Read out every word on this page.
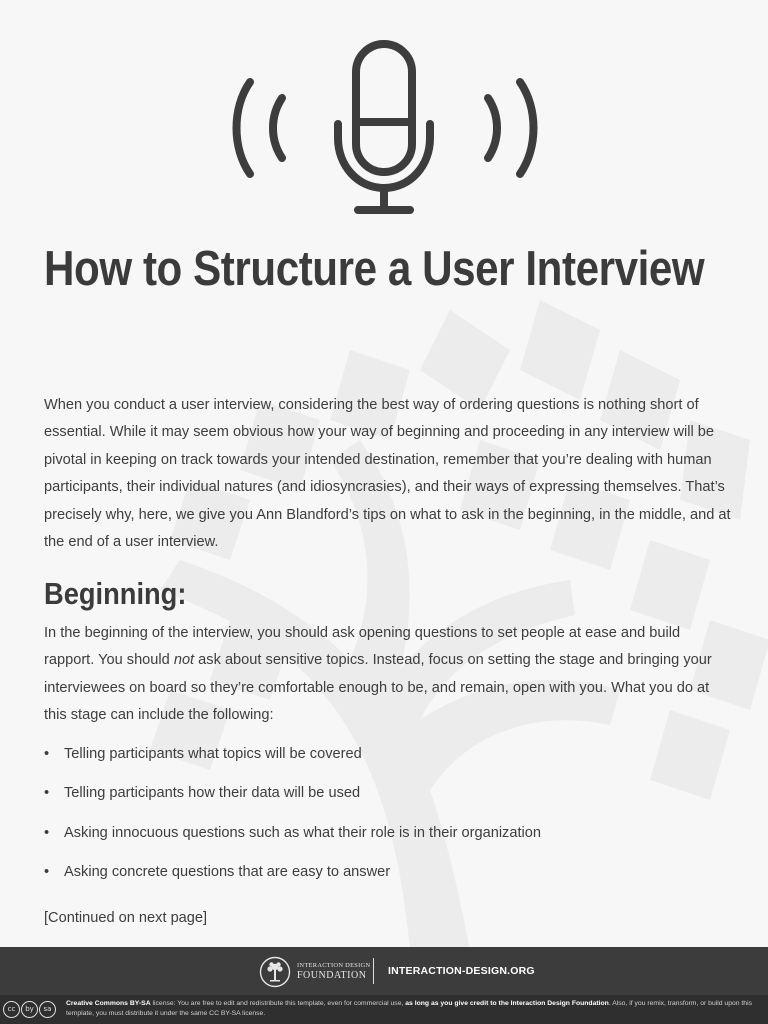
How to Structure a User Interview

When you conduct a user interview, considering the best way of ordering questions is nothing short of essential. While it may seem obvious how your way of beginning and proceeding in any interview will be pivotal in keeping on track towards your intended destination, remember that you’re dealing with human participants, their individual natures (and idiosyncrasies), and their ways of expressing themselves. That’s precisely why, here, we give you Ann Blandford’s tips on what to ask in the beginning, in the middle, and at the end of a user interview.

Beginning:

In the beginning of the interview, you should ask opening questions to set people at ease and build rapport. You should not ask about sensitive topics. Instead, focus on setting the stage and bringing your interviewees on board so they’re comfortable enough to be, and remain, open with you. What you do at this stage can include the following:

• Telling participants what topics will be covered
• Telling participants how their data will be used
• Asking innocuous questions such as what their role is in their organization
• Asking concrete questions that are easy to answer
[Continued on next page]
INTERACTION DESIGN
FOUNDATION	INTERACTION-DESIGN.ORG
cc	by	sa
Creative Commons BY-SA license: You are free to edit and redistribute this template, even for commercial use, as long as you give credit to the Interaction Design Foundation. Also, if you remix, transform, or build upon this template, you must distribute it under the same CC BY-SA license.
